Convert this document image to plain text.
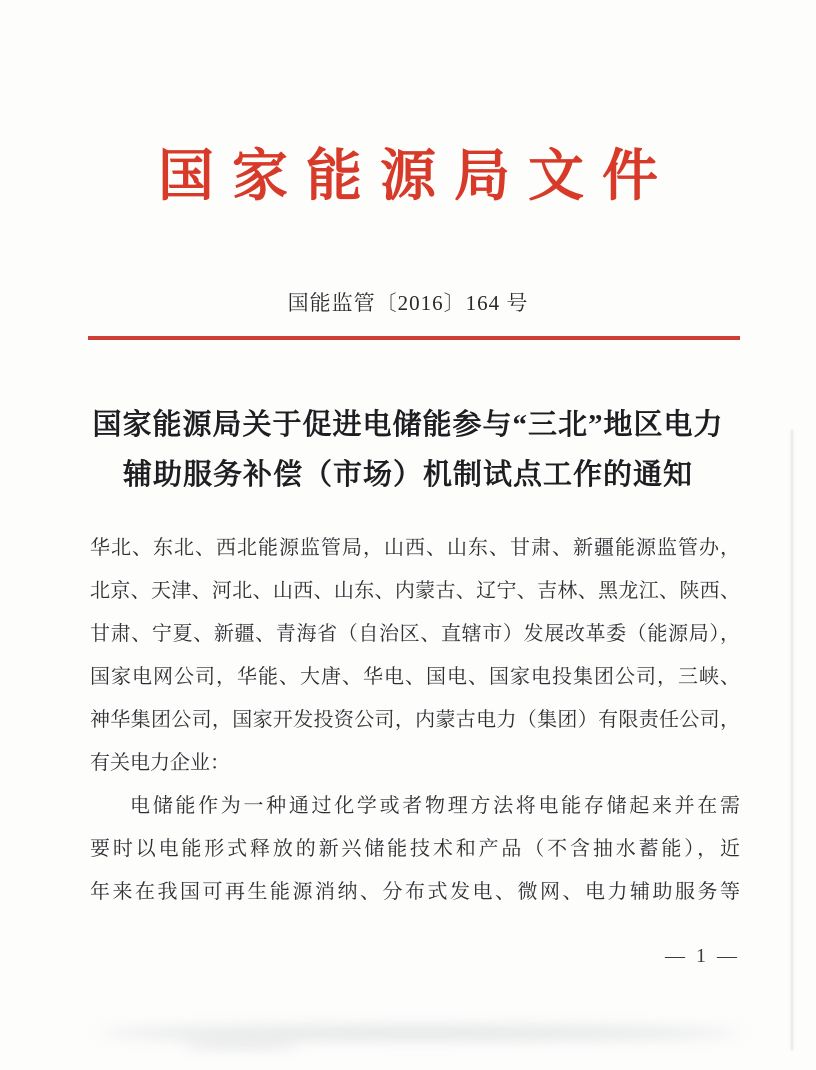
国家能源局文件
国能监管〔2016〕164 号
国家能源局关于促进电储能参与“三北”地区电力
辅助服务补偿（市场）机制试点工作的通知
华北、东北、西北能源监管局，山西、山东、甘肃、新疆能源监管办，
北京、天津、河北、山西、山东、内蒙古、辽宁、吉林、黑龙江、陕西、
甘肃、宁夏、新疆、青海省（自治区、直辖市）发展改革委（能源局），
国家电网公司，华能、大唐、华电、国电、国家电投集团公司，三峡、
神华集团公司，国家开发投资公司，内蒙古电力（集团）有限责任公司，
有关电力企业：
电储能作为一种通过化学或者物理方法将电能存储起来并在需
要时以电能形式释放的新兴储能技术和产品（不含抽水蓄能），近
年来在我国可再生能源消纳、分布式发电、微网、电力辅助服务等
— 1 —
